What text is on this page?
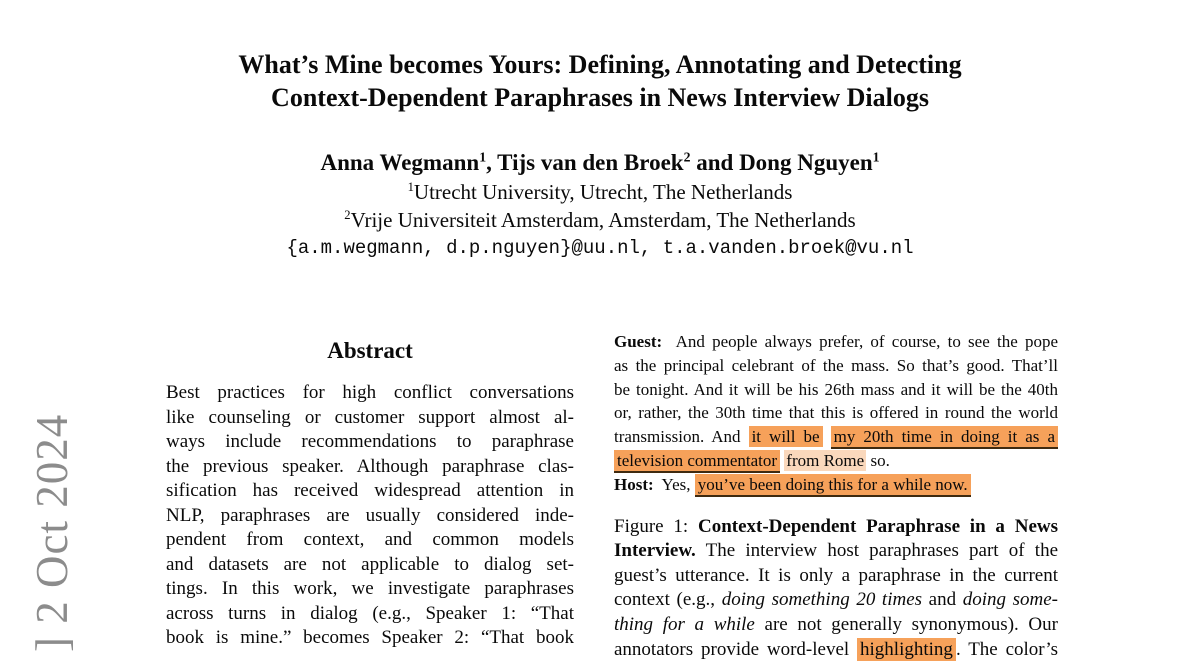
] 2 Oct 2024
What’s Mine becomes Yours: Defining, Annotating and Detecting
Context-Dependent Paraphrases in News Interview Dialogs
Anna Wegmann$^1$, Tijs van den Broek$^2$ and Dong Nguyen$^1$
$^1$Utrecht University, Utrecht, The Netherlands
$^2$Vrije Universiteit Amsterdam, Amsterdam, The Netherlands
{a.m.wegmann, d.p.nguyen}@uu.nl, t.a.vanden.broek@vu.nl
Abstract
Best practices for high conflict conversations
like counseling or customer support almost al-
ways include recommendations to paraphrase
the previous speaker. Although paraphrase clas-
sification has received widespread attention in
NLP, paraphrases are usually considered inde-
pendent from context, and common models
and datasets are not applicable to dialog set-
tings. In this work, we investigate paraphrases
across turns in dialog (e.g., Speaker 1: “That
book is mine.” becomes Speaker 2: “That book
Guest:  And people always prefer, of course, to see the pope
as the principal celebrant of the mass. So that’s good. That’ll
be tonight. And it will be his 26th mass and it will be the 40th
or, rather, the 30th time that this is offered in round the world
transmission. And it will be my 20th time in doing it as a
television commentator from Rome so.
Host:  Yes, you’ve been doing this for a while now.
Figure 1: Context-Dependent Paraphrase in a News
Interview. The interview host paraphrases part of the
guest’s utterance. It is only a paraphrase in the current
context (e.g., doing something 20 times and doing some-
thing for a while are not generally synonymous). Our
annotators provide word-level highlighting . The color’s
